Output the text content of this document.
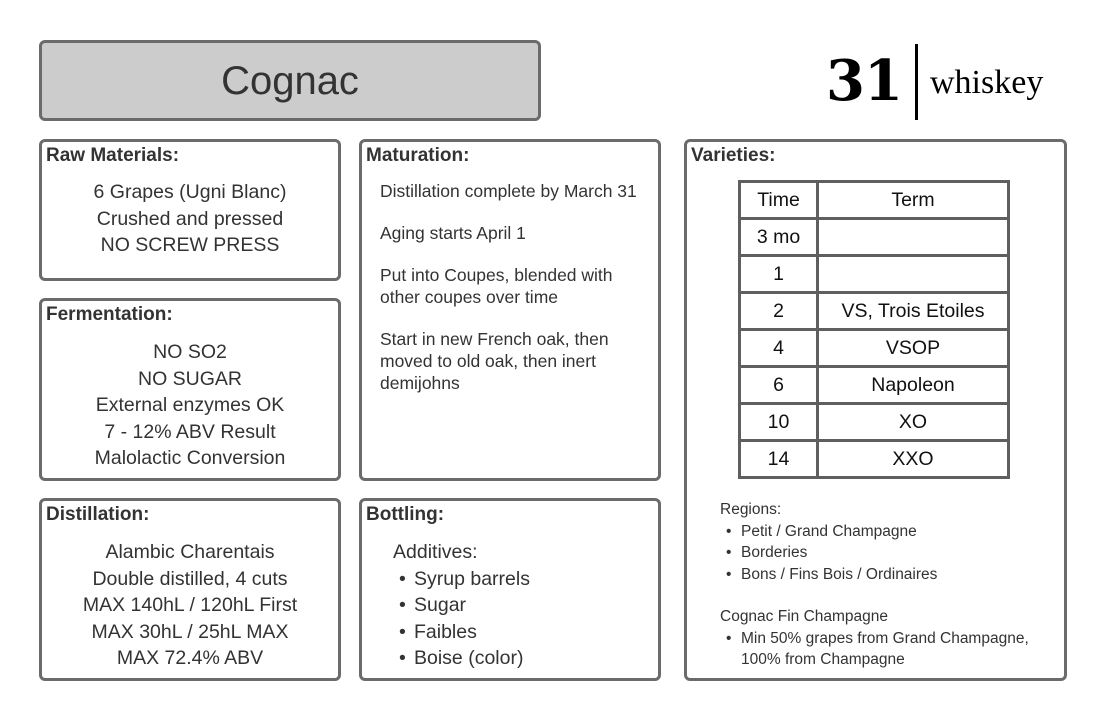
Cognac	31 whiskey
Raw Materials:
6 Grapes (Ugni Blanc)
Crushed and pressed
NO SCREW PRESS
Fermentation:
NO SO2
NO SUGAR
External enzymes OK
7 - 12% ABV Result
Malolactic Conversion
Distillation:
Alambic Charentais
Double distilled, 4 cuts
MAX 140hL / 120hL First
MAX 30hL / 25hL MAX
MAX 72.4% ABV
Maturation:

Distillation complete by March 31

Aging starts April 1

Put into Coupes, blended with other coupes over time

Start in new French oak, then moved to old oak, then inert demijohns

Bottling:
Additives:
• Syrup barrels
• Sugar
• Faibles
• Boise (color)
Varieties:
Time	Term
3 mo	
1	
2	VS, Trois Etoiles
4	VSOP
6	Napoleon
10	XO
14	XXO
Regions:
• Petit / Grand Champagne
• Borderies
• Bons / Fins Bois / Ordinaires
Cognac Fin Champagne
• Min 50% grapes from Grand Champagne, 100% from Champagne
